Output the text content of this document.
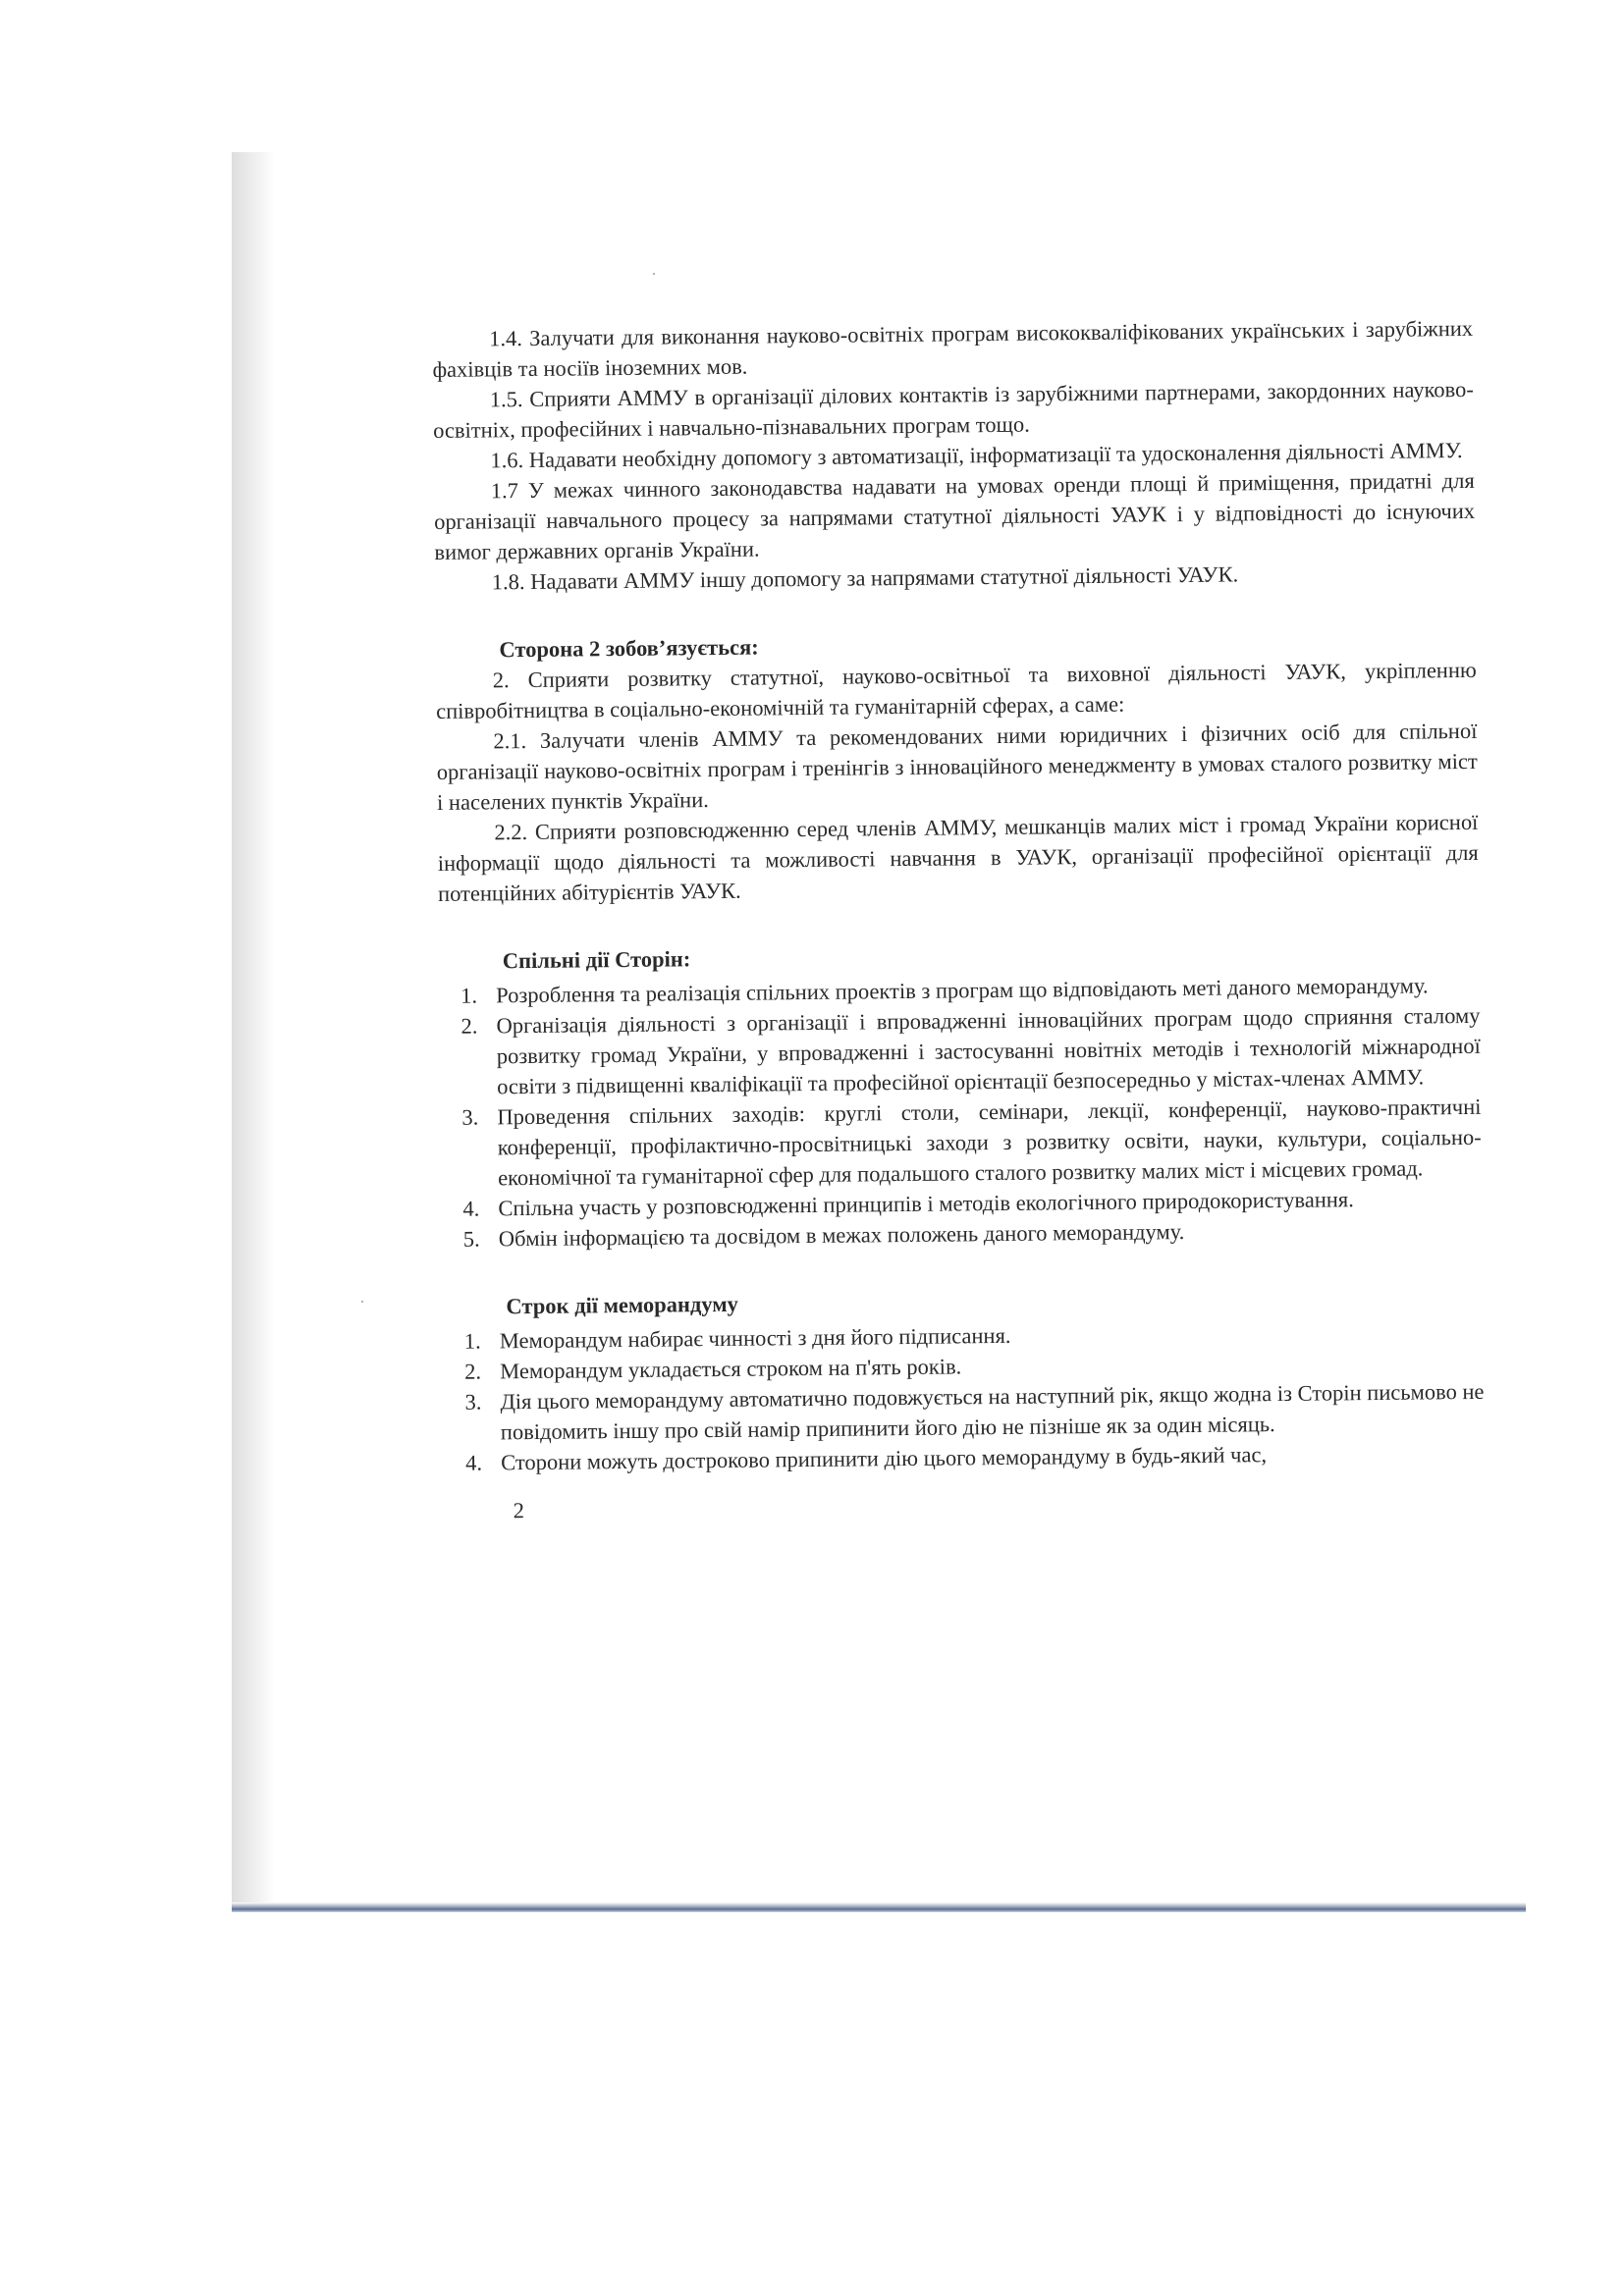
1.4. Залучати для виконання науково-освітніх програм висококваліфікованих українських і зарубіжних фахівців та носіїв іноземних мов.

1.5. Сприяти АММУ в організації ділових контактів із зарубіжними партнерами, закордонних науково-освітніх, професійних і навчально-пізнавальних програм тощо.

1.6. Надавати необхідну допомогу з автоматизації, інформатизації та удосконалення діяльності АММУ.

1.7 У межах чинного законодавства надавати на умовах оренди площі й приміщення, придатні для організації навчального процесу за напрямами статутної діяльності УАУК і у відповідності до існуючих вимог державних органів України.

1.8. Надавати АММУ іншу допомогу за напрямами статутної діяльності УАУК.

Сторона 2 зобов’язується:

2. Сприяти розвитку статутної, науково-освітньої та виховної діяльності УАУК, укріпленню співробітництва в соціально-економічній та гуманітарній сферах, а саме:

2.1. Залучати членів АММУ та рекомендованих ними юридичних і фізичних осіб для спільної організації науково-освітніх програм і тренінгів з інноваційного менеджменту в умовах сталого розвитку міст і населених пунктів України.

2.2. Сприяти розповсюдженню серед членів АММУ, мешканців малих міст і громад України корисної інформації щодо діяльності та можливості навчання в УАУК, організації професійної орієнтації для потенційних абітурієнтів УАУК.

Спільні дії Сторін:

1. Розроблення та реалізація спільних проектів з програм що відповідають меті даного меморандуму.
2. Організація діяльності з організації і впровадженні інноваційних програм щодо сприяння сталому розвитку громад України, у впровадженні і застосуванні новітніх методів і технологій міжнародної освіти з підвищенні кваліфікації та професійної орієнтації безпосередньо у містах-членах АММУ.
3. Проведення спільних заходів: круглі столи, семінари, лекції, конференції, науково-практичні конференції, профілактично-просвітницькі заходи з розвитку освіти, науки, культури, соціально-економічної та гуманітарної сфер для подальшого сталого розвитку малих міст і місцевих громад.
4. Спільна участь у розповсюдженні принципів і методів екологічного природокористування.
5. Обмін інформацією та досвідом в межах положень даного меморандуму.

Строк дії меморандуму

1. Меморандум набирає чинності з дня його підписання.
2. Меморандум укладається строком на п'ять років.
3. Дія цього меморандуму автоматично подовжується на наступний рік, якщо жодна із Сторін письмово не повідомить іншу про свій намір припинити його дію не пізніше як за один місяць.
4. Сторони можуть достроково припинити дію цього меморандуму в будь-який час,

2
